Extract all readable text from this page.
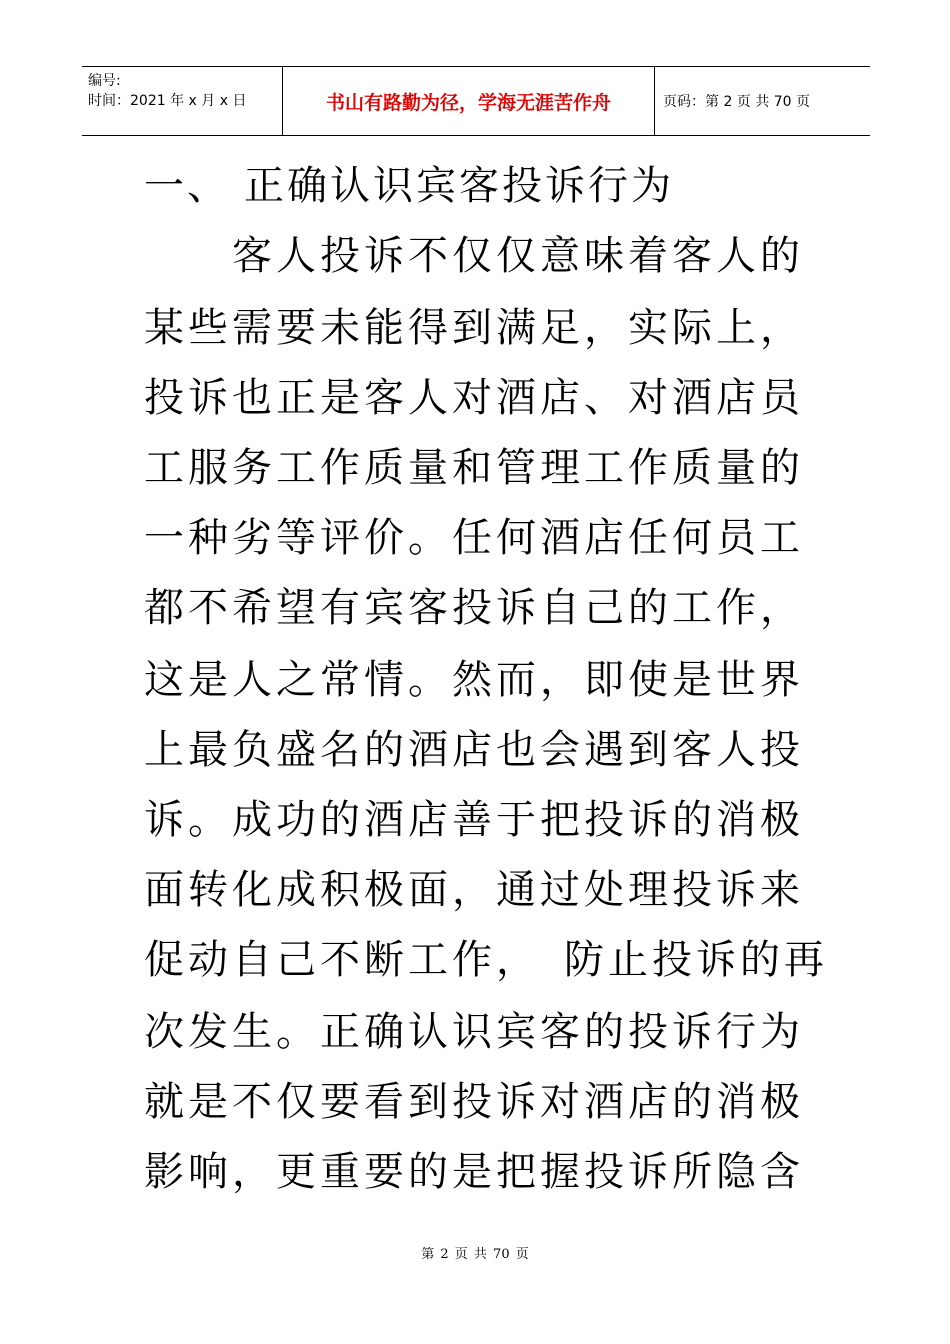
编号:
时间：2021 年 x 月 x 日	书山有路勤为径，学海无涯苦作舟	页码：第 2 页 共 70 页
一、 正确认识宾客投诉行为
　　客人投诉不仅仅意味着客人的
某些需要未能得到满足，实际上，
投诉也正是客人对酒店、对酒店员
工服务工作质量和管理工作质量的
一种劣等评价。任何酒店任何员工
都不希望有宾客投诉自己的工作，
这是人之常情。然而，即使是世界
上最负盛名的酒店也会遇到客人投
诉。成功的酒店善于把投诉的消极
面转化成积极面，通过处理投诉来
促动自己不断工作，　防止投诉的再
次发生。正确认识宾客的投诉行为
就是不仅要看到投诉对酒店的消极
影响，更重要的是把握投诉所隐含
第 2 页 共 70 页
